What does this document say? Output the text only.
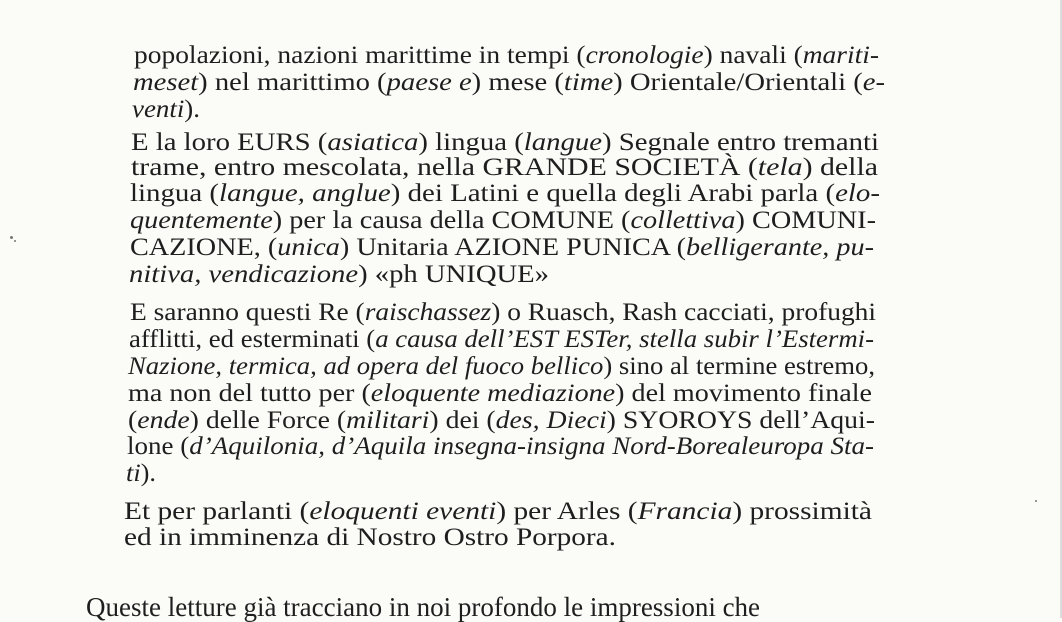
popolazioni, nazioni marittime in tempi (cronologie) navali (mariti-
meset) nel marittimo (paese e) mese (time) Orientale/Orientali (e-
venti).
E la loro EURS (asiatica) lingua (langue) Segnale entro tremanti
trame, entro mescolata, nella GRANDE SOCIETÀ (tela) della
lingua (langue, anglue) dei Latini e quella degli Arabi parla (elo-
quentemente) per la causa della COMUNE (collettiva) COMUNI-
CAZIONE, (unica) Unitaria AZIONE PUNICA (belligerante, pu-
nitiva, vendicazione) «ph UNIQUE»
E saranno questi Re (raischassez) o Ruasch, Rash cacciati, profughi
afflitti, ed esterminati (a causa dell’EST ESTer, stella subir l’Estermi-
Nazione, termica, ad opera del fuoco bellico) sino al termine estremo,
ma non del tutto per (eloquente mediazione) del movimento finale
(ende) delle Force (militari) dei (des, Dieci) SYOROYS dell’Aqui-
lone (d’Aquilonia, d’Aquila insegna-insigna Nord-Borealeuropa Sta-
ti).
Et per parlanti (eloquenti eventi) per Arles (Francia) prossimità
ed in imminenza di Nostro Ostro Porpora.
Queste letture già tracciano in noi profondo le impressioni che
